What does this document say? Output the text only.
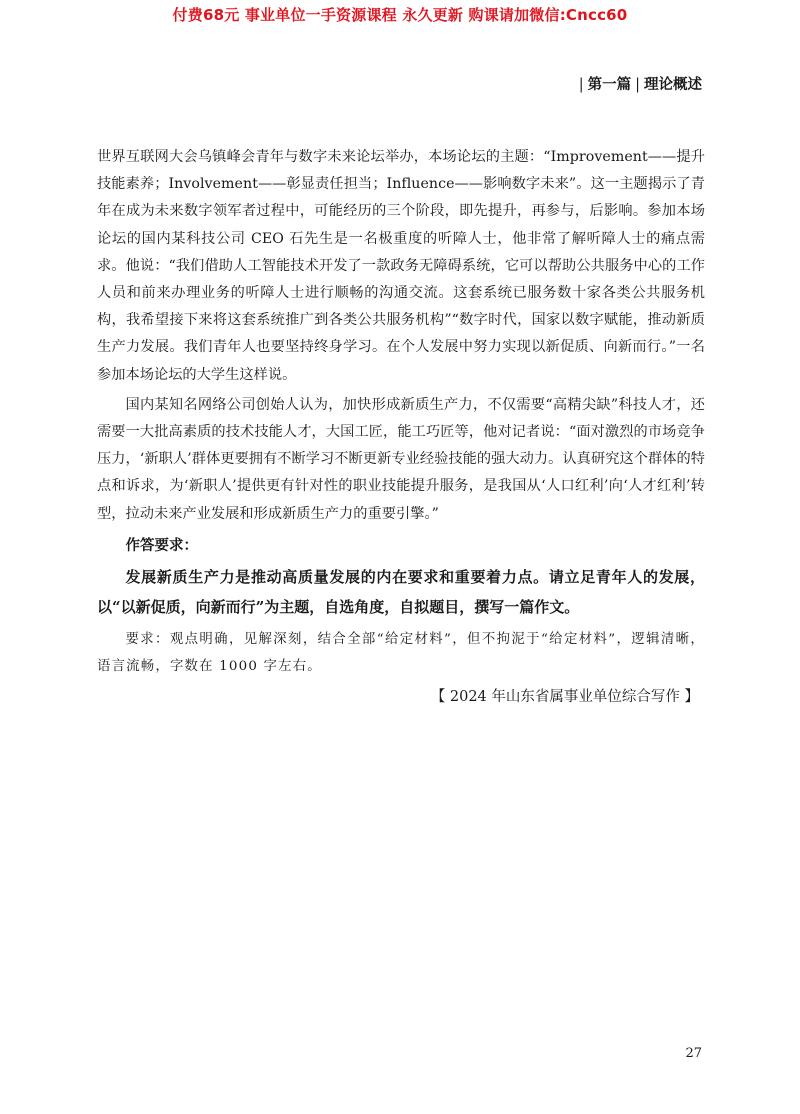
付费68元 事业单位一手资源课程 永久更新 购课请加微信:Cncc60
| 第一篇 | 理论概述

世界互联网大会乌镇峰会青年与数字未来论坛举办，本场论坛的主题：“Improvement——提升技能素养；Involvement——彰显责任担当；Influence——影响数字未来”。这一主题揭示了青年在成为未来数字领军者过程中，可能经历的三个阶段，即先提升，再参与，后影响。参加本场论坛的国内某科技公司 CEO 石先生是一名极重度的听障人士，他非常了解听障人士的痛点需求。他说：“我们借助人工智能技术开发了一款政务无障碍系统，它可以帮助公共服务中心的工作人员和前来办理业务的听障人士进行顺畅的沟通交流。这套系统已服务数十家各类公共服务机构，我希望接下来将这套系统推广到各类公共服务机构”“数字时代，国家以数字赋能，推动新质生产力发展。我们青年人也要坚持终身学习。在个人发展中努力实现以新促质、向新而行。”一名参加本场论坛的大学生这样说。

国内某知名网络公司创始人认为，加快形成新质生产力，不仅需要“高精尖缺”科技人才，还需要一大批高素质的技术技能人才，大国工匠，能工巧匠等，他对记者说：“面对激烈的市场竞争压力，‘新职人’群体更要拥有不断学习不断更新专业经验技能的强大动力。认真研究这个群体的特点和诉求，为‘新职人’提供更有针对性的职业技能提升服务，是我国从‘人口红利’向‘人才红利’转型，拉动未来产业发展和形成新质生产力的重要引擎。”

作答要求：

发展新质生产力是推动高质量发展的内在要求和重要着力点。请立足青年人的发展，以“以新促质，向新而行”为主题，自选角度，自拟题目，撰写一篇作文。

要求：观点明确，见解深刻，结合全部“给定材料”，但不拘泥于“给定材料”，逻辑清晰，语言流畅，字数在 1000 字左右。

【 2024 年山东省属事业单位综合写作 】
27
